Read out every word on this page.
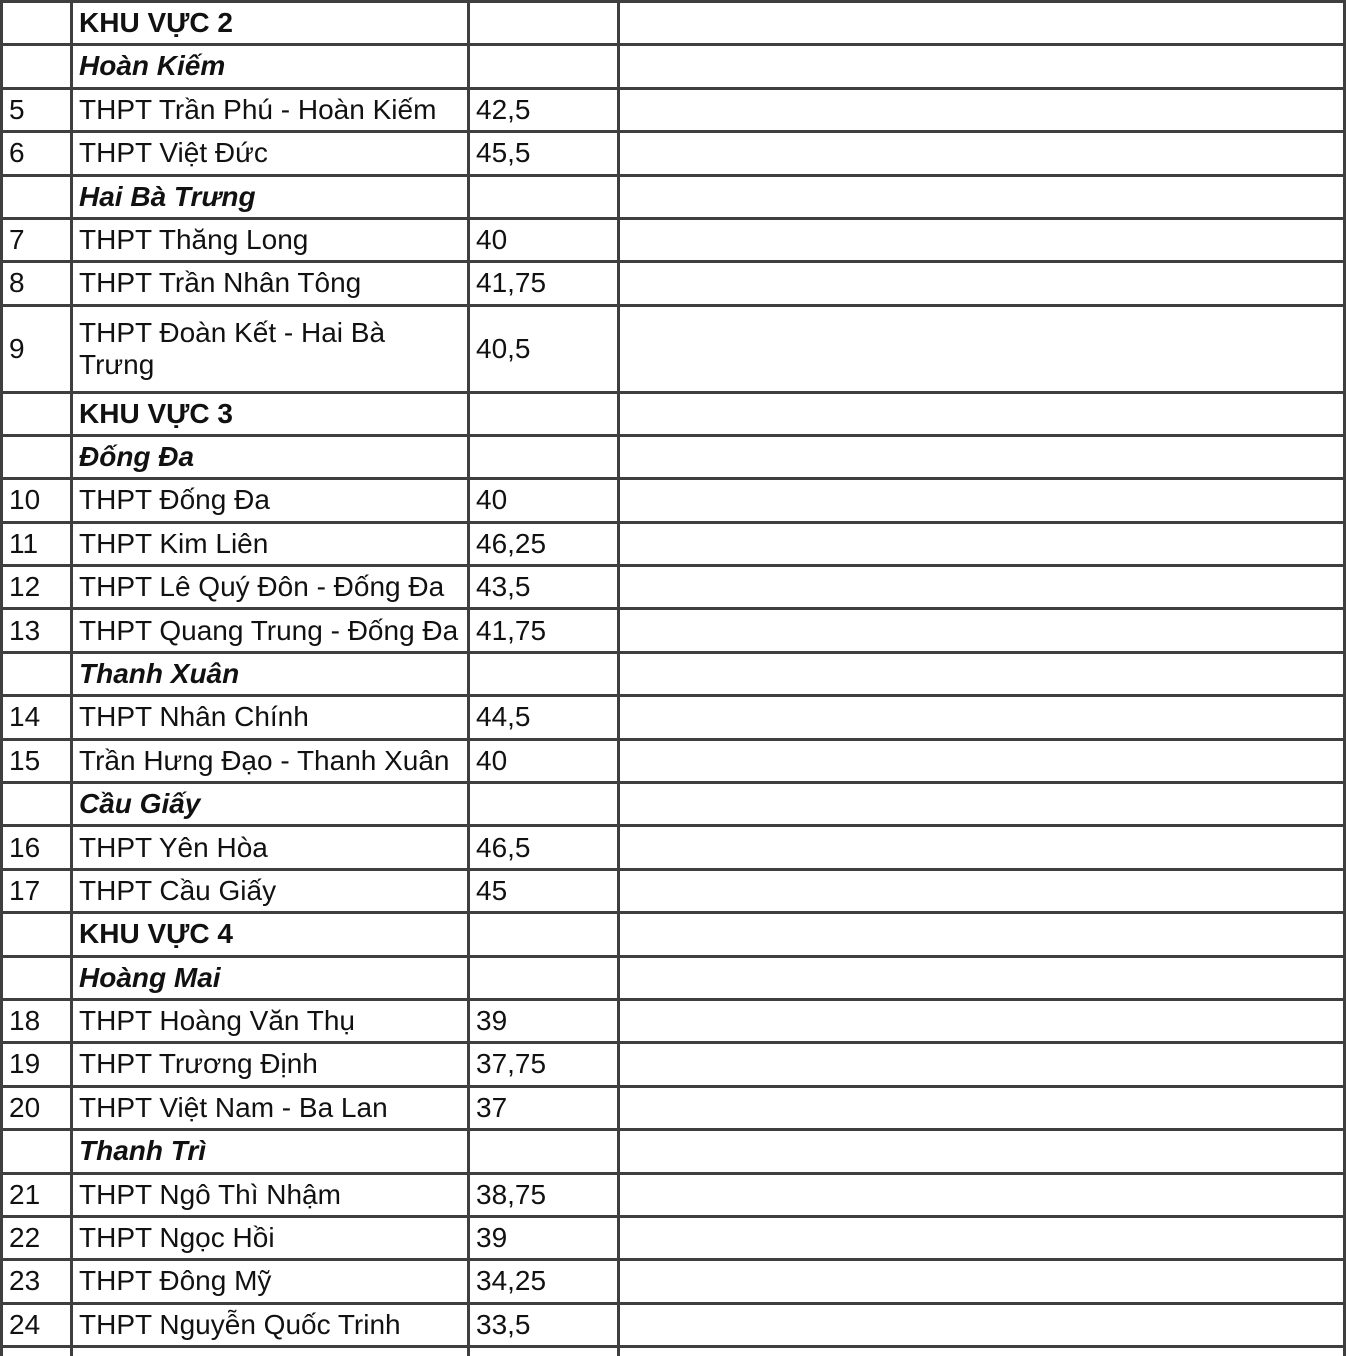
	KHU VỰC 2		
	Hoàn Kiếm		
5	THPT Trần Phú - Hoàn Kiếm	42,5	
6	THPT Việt Đức	45,5	
	Hai Bà Trưng		
7	THPT Thăng Long	40	
8	THPT Trần Nhân Tông	41,75	
9	THPT Đoàn Kết - Hai Bà Trưng	40,5	
	KHU VỰC 3		
	Đống Đa		
10	THPT Đống Đa	40	
11	THPT Kim Liên	46,25	
12	THPT Lê Quý Đôn - Đống Đa	43,5	
13	THPT Quang Trung - Đống Đa	41,75	
	Thanh Xuân		
14	THPT Nhân Chính	44,5	
15	Trần Hưng Đạo - Thanh Xuân	40	
	Cầu Giấy		
16	THPT Yên Hòa	46,5	
17	THPT Cầu Giấy	45	
	KHU VỰC 4		
	Hoàng Mai		
18	THPT Hoàng Văn Thụ	39	
19	THPT Trương Định	37,75	
20	THPT Việt Nam - Ba Lan	37	
	Thanh Trì		
21	THPT Ngô Thì Nhậm	38,75	
22	THPT Ngọc Hồi	39	
23	THPT Đông Mỹ	34,25	
24	THPT Nguyễn Quốc Trinh	33,5	
